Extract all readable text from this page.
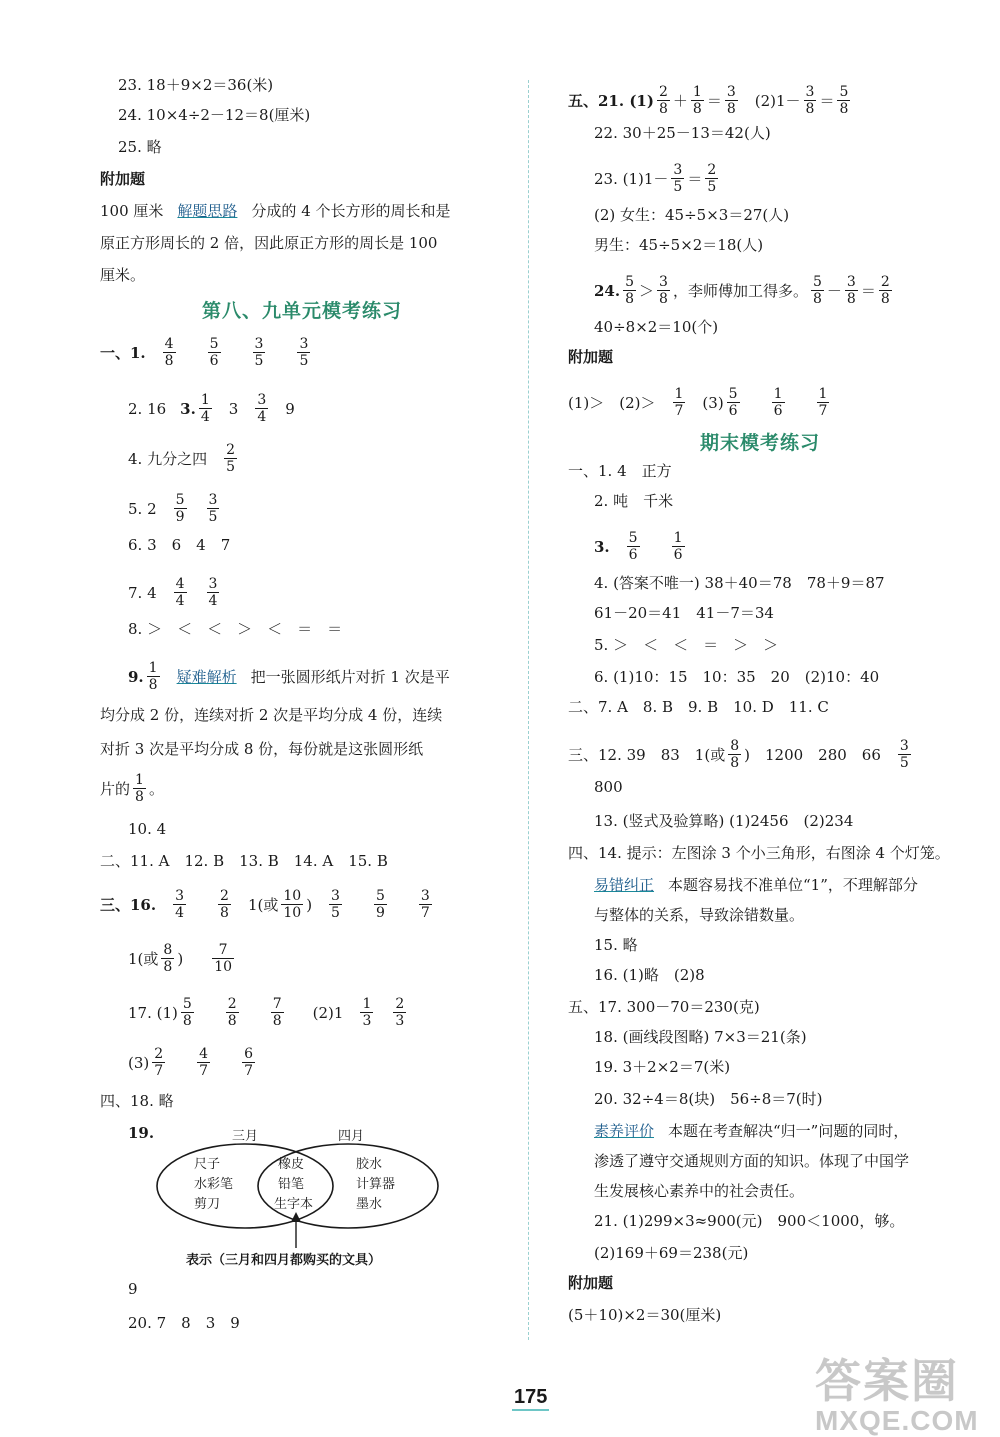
23. 18＋9×2＝36(米)
24. 10×4÷2－12＝8(厘米)
25. 略
附加题
100 厘米 解题思路 分成的 4 个长方形的周长和是
原正方形周长的 2 倍，因此原正方形的周长是 100
厘米。
第八、九单元模考练习
一、1. $\frac{4}{8} \frac{5}{6} \frac{3}{5} \frac{3}{5}$
2. 16 3. $\frac{1}{4} 3 \frac{3}{4} 9$
4. 九分之四 $\frac{2}{5}$
5. $2 \frac{5}{9} \frac{3}{5}$
6. 3　6　4　7
7. $4 \frac{4}{4} \frac{3}{4}$
8. ＞　＜　＜　＞　＜　＝　＝
9. $\frac{1}{8}$ 疑难解析 把一张圆形纸片对折 1 次是平
均分成 2 份，连续对折 2 次是平均分成 4 份，连续
对折 3 次是平均分成 8 份，每份就是这张圆形纸
片的 $\frac{1}{8}$ 。
10. 4
二、11. A　12. B　13. B　14. A　15. B
三、16. $\frac{3}{4} \frac{2}{8} 1$(或 $\frac{10}{10}$ ) $\frac{3}{5} \frac{5}{9} \frac{3}{7}$
1(或 $\frac{8}{8}$ ) $\frac{7}{10}$
17. $(1) \frac{5}{8} \frac{2}{8} \frac{7}{8} (2)1 \frac{1}{3} \frac{2}{3}$
$(3) \frac{2}{7} \frac{4}{7} \frac{6}{7}$
四、18. 略
19.	三月	四月
尺子
水彩笔
剪刀
橡皮
铅笔
生字本
胶水
计算器
墨水
表示（三月和四月都购买的文具）
9
20. 7　8　3　9
五、21. $(1) \frac{2}{8} + \frac{1}{8} = \frac{3}{8} (2)1- \frac{3}{8} = \frac{5}{8}$
22. 30＋25－13＝42(人)
23. $(1)1- \frac{3}{5} = \frac{2}{5}$
(2) 女生：45÷5×3＝27(人)
男生：45÷5×2＝18(人)
24. $\frac{5}{8} > \frac{3}{8}$ ，李师傅加工得多。 $\frac{5}{8} - \frac{3}{8} = \frac{2}{8}$
40÷8×2＝10(个)
附加题
(1)＞　$(2)> \frac{1}{7} (3) \frac{5}{6} \frac{1}{6} \frac{1}{7}$
期末模考练习
一、1. 4　正方
2. 吨　千米
3. $\frac{5}{6} \frac{1}{6}$
4. (答案不唯一) 38＋40＝78　78＋9＝87
61－20＝41　41－7＝34
5. ＞　＜　＜　＝　＞　＞
6. (1)10：15　10：35　20　(2)10：40
二、7. A　8. B　9. B　10. D　11. C
三、12. 39　83　1(或 $\frac{8}{8}$ )　1200　280　$66 \frac{3}{5}$
800
13. (竖式及验算略) (1)2456　(2)234
四、14. 提示：左图涂 3 个小三角形，右图涂 4 个灯笼。
易错纠正 本题容易找不准单位“1”，不理解部分
与整体的关系，导致涂错数量。
15. 略
16. (1)略　(2)8
五、17. 300－70＝230(克)
18. (画线段图略) 7×3＝21(条)
19. 3＋2×2＝7(米)
20. 32÷4＝8(块)　56÷8＝7(时)
素养评价 本题在考查解决“归一”问题的同时，
渗透了遵守交通规则方面的知识。体现了中国学
生发展核心素养中的社会责任。
21. (1)299×3≈900(元)　900＜1000，够。
(2)169＋69＝238(元)
附加题
(5＋10)×2＝30(厘米)
175	答案圈
MXQE.COM
